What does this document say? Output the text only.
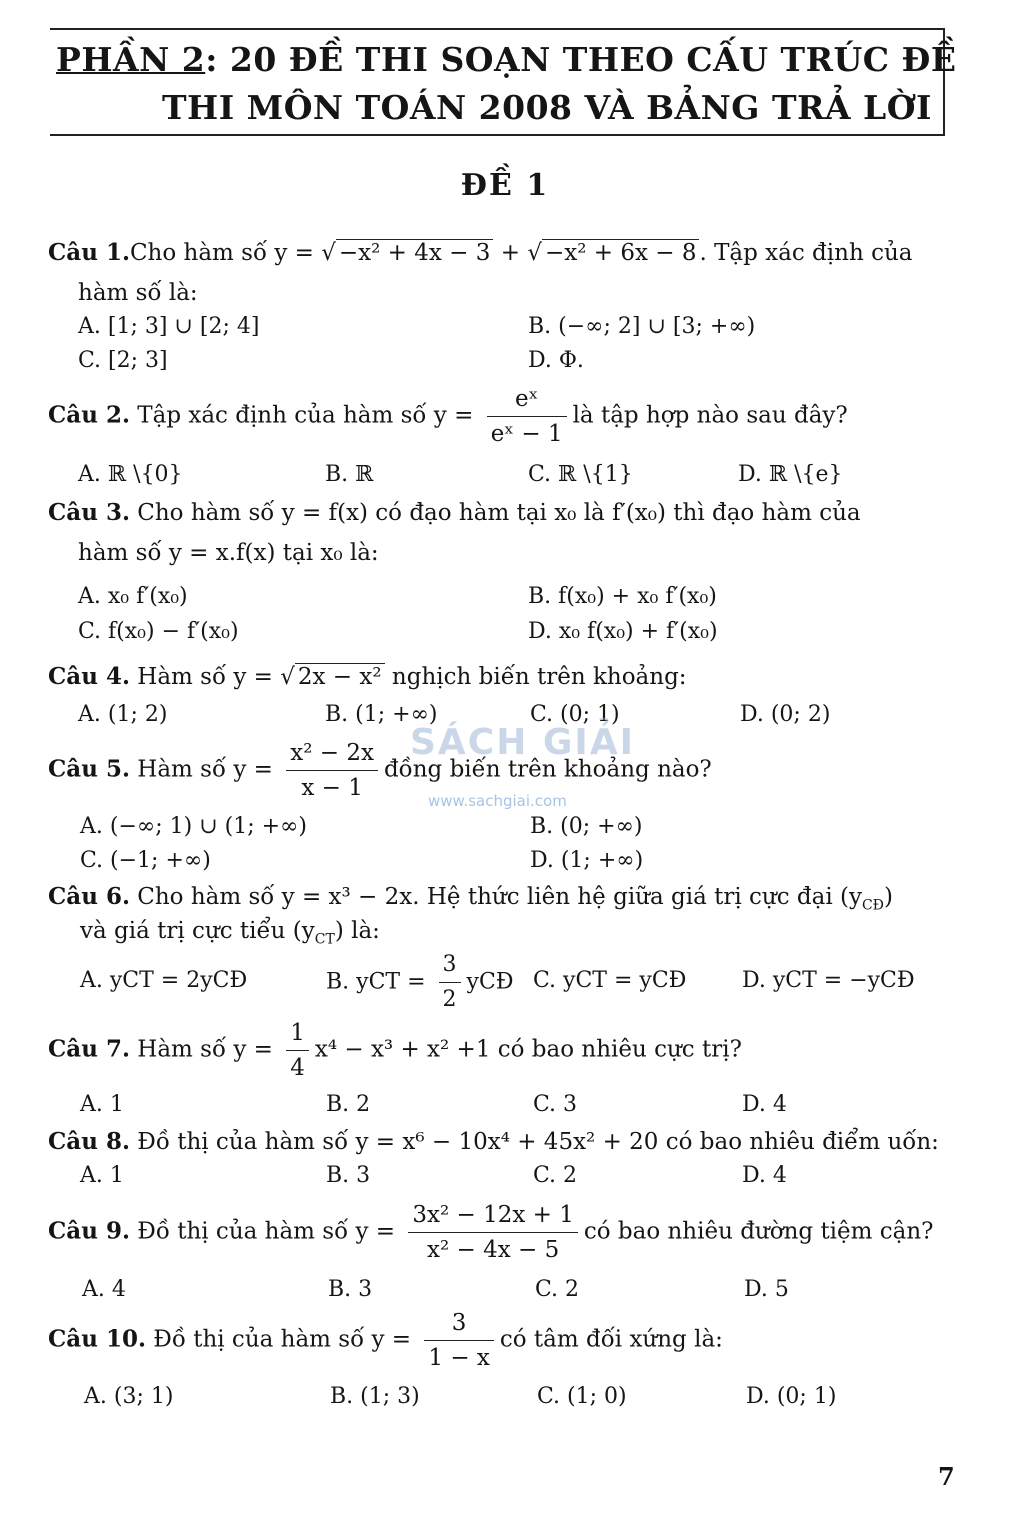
PHẦN 2: 20 ĐỀ THI SOẠN THEO CẤU TRÚC ĐỀ
THI MÔN TOÁN 2008 VÀ BẢNG TRẢ LỜI
ĐỀ 1
Câu 1.Cho hàm số y = √ −x² + 4x − 3 + √ −x² + 6x − 8 . Tập xác định của
hàm số là:
A. [1; 3] ∪ [2; 4]	B. (−∞; 2] ∪ [3; +∞)
C. [2; 3]	D. Φ.
Câu 2. Tập xác định của hàm số $y = \frac{\text{eˣ}}{\text{eˣ − 1}}$ là tập hợp nào sau đây?
A. ℝ \{0}	B. ℝ	C. ℝ \{1}	D. ℝ \{e}
Câu 3. Cho hàm số y = f(x) có đạo hàm tại x₀ là f′(x₀) thì đạo hàm của
hàm số y = x.f(x) tại x₀ là:
A. x₀ f′(x₀)	B. f(x₀) + x₀ f′(x₀)
C. f(x₀) − f′(x₀)	D. x₀ f(x₀) + f′(x₀)
Câu 4. Hàm số y = √ 2x − x² nghịch biến trên khoảng:
A. (1; 2)	B. (1; +∞)	C. (0; 1)	D. (0; 2)
Câu 5. Hàm số $y = \frac{\text{x² − 2x}}{x - 1}$ đồng biến trên khoảng nào?
A. (−∞; 1) ∪ (1; +∞)	B. (0; +∞)
C. (−1; +∞)	D. (1; +∞)
Câu 6. Cho hàm số y = x³ − 2x. Hệ thức liên hệ giữa giá trị cực đại $(y_{CĐ})$
và giá trị cực tiểu $(y_{CT})$ là:
A. yCT = 2yCĐ	B. yCT = $\frac{3}{2}$ yCĐ C. yCT = yCĐ	D. yCT = −yCĐ
Câu 7. Hàm số $y = \frac{1}{4} x^4 - x^3 + x^2 +1$ có bao nhiêu cực trị?
A. 1	B. 2	C. 3	D. 4
Câu 8. Đồ thị của hàm số y = x⁶ − 10x⁴ + 45x² + 20 có bao nhiêu điểm uốn:
A. 1	B. 3	C. 2	D. 4
Câu 9. Đồ thị của hàm số $y = \frac{\text{3x² − 12x + 1}}{\text{x² − 4x − 5}}$ có bao nhiêu đường tiệm cận?
A. 4	B. 3	C. 2	D. 5
Câu 10. Đồ thị của hàm số $y = \frac{3}{1 - x}$ có tâm đối xứng là:
A. (3; 1)	B. (1; 3)	C. (1; 0)	D. (0; 1)
SÁCH GIẢI
www.sachgiai.com
7
